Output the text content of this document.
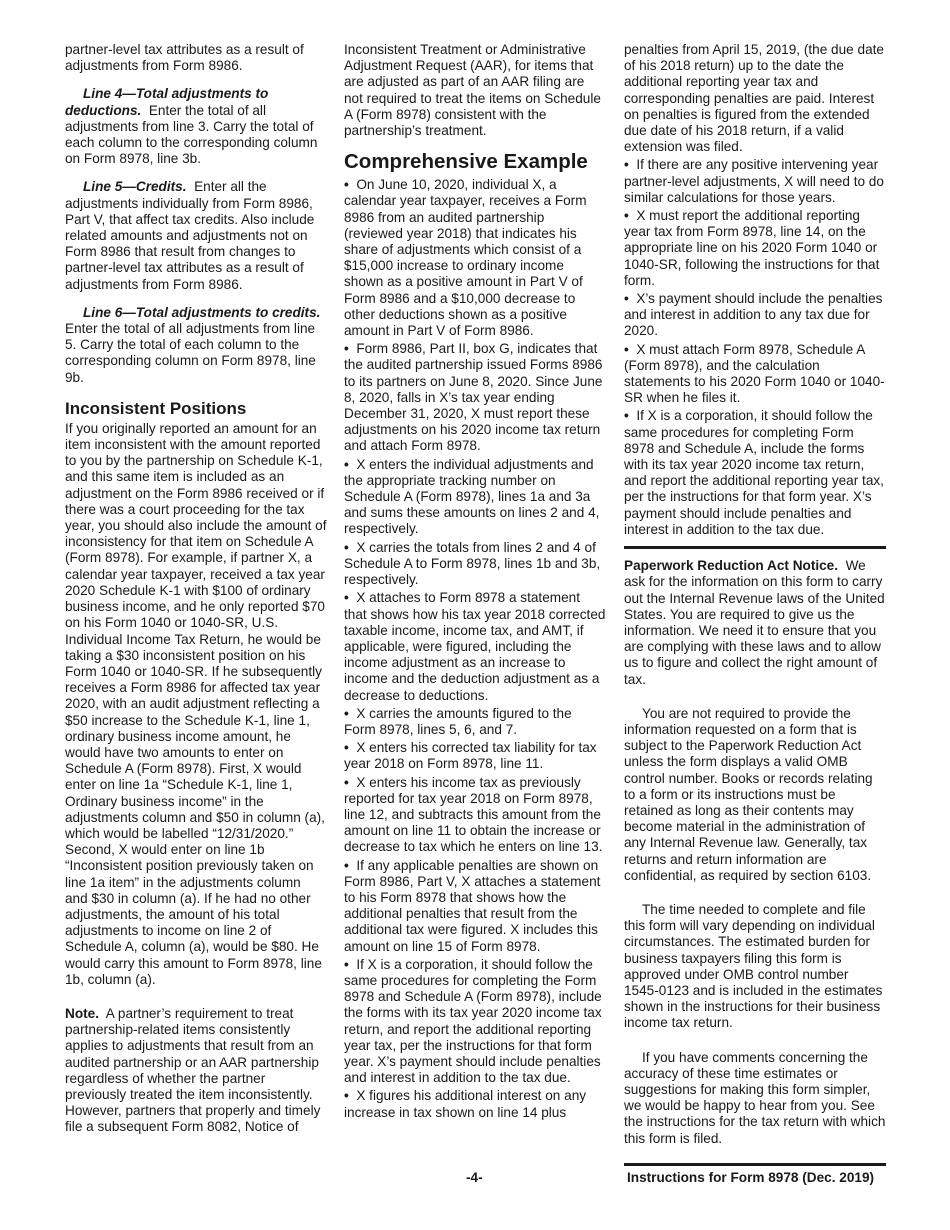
partner-level tax attributes as a result of adjustments from Form 8986.

Line 4—Total adjustments to deductions. Enter the total of all adjustments from line 3. Carry the total of each column to the corresponding column on Form 8978, line 3b.

Line 5—Credits. Enter all the adjustments individually from Form 8986, Part V, that affect tax credits. Also include related amounts and adjustments not on Form 8986 that result from changes to partner-level tax attributes as a result of adjustments from Form 8986.

Line 6—Total adjustments to credits.  Enter the total of all adjustments from line 5. Carry the total of each column to the corresponding column on Form 8978, line 9b.

Inconsistent Positions

If you originally reported an amount for an item inconsistent with the amount reported to you by the partnership on Schedule K-1, and this same item is included as an adjustment on the Form 8986 received or if there was a court proceeding for the tax year, you should also include the amount of inconsistency for that item on Schedule A (Form 8978). For example, if partner X, a calendar year taxpayer, received a tax year 2020 Schedule K-1 with $100 of ordinary business income, and he only reported $70 on his Form 1040 or 1040-SR, U.S. Individual Income Tax Return, he would be taking a $30 inconsistent position on his Form 1040 or 1040-SR. If he subsequently receives a Form 8986 for affected tax year 2020, with an audit adjustment reflecting a $50 increase to the Schedule K-1, line 1, ordinary business income amount, he would have two amounts to enter on Schedule A (Form 8978). First, X would enter on line 1a “Schedule K-1, line 1, Ordinary business income” in the adjustments column and $50 in column (a), which would be labelled “12/31/2020.” Second, X would enter on line 1b “Inconsistent position previously taken on line 1a item” in the adjustments column and $30 in column (a). If he had no other adjustments, the amount of his total adjustments to income on line 2 of Schedule A, column (a), would be $80. He would carry this amount to Form 8978, line 1b, column (a).

Note. A partner’s requirement to treat partnership-related items consistently applies to adjustments that result from an audited partnership or an AAR partnership regardless of whether the partner previously treated the item inconsistently. However, partners that properly and timely file a subsequent Form 8082, Notice of

Inconsistent Treatment or Administrative Adjustment Request (AAR), for items that are adjusted as part of an AAR filing are not required to treat the items on Schedule A (Form 8978) consistent with the partnership’s treatment.

Comprehensive Example

• On June 10, 2020, individual X, a calendar year taxpayer, receives a Form 8986 from an audited partnership (reviewed year 2018) that indicates his share of adjustments which consist of a $15,000 increase to ordinary income shown as a positive amount in Part V of Form 8986 and a $10,000 decrease to other deductions shown as a positive amount in Part V of Form 8986.

• Form 8986, Part II, box G, indicates that the audited partnership issued Forms 8986 to its partners on June 8, 2020. Since June 8, 2020, falls in X’s tax year ending December 31, 2020, X must report these adjustments on his 2020 income tax return and attach Form 8978.

• X enters the individual adjustments and the appropriate tracking number on Schedule A (Form 8978), lines 1a and 3a and sums these amounts on lines 2 and 4, respectively.

• X carries the totals from lines 2 and 4 of Schedule A to Form 8978, lines 1b and 3b, respectively.

• X attaches to Form 8978 a statement that shows how his tax year 2018 corrected taxable income, income tax, and AMT, if applicable, were figured, including the income adjustment as an increase to income and the deduction adjustment as a decrease to deductions.

• X carries the amounts figured to the Form 8978, lines 5, 6, and 7.

• X enters his corrected tax liability for tax year 2018 on Form 8978, line 11.

• X enters his income tax as previously reported for tax year 2018 on Form 8978, line 12, and subtracts this amount from the amount on line 11 to obtain the increase or decrease to tax which he enters on line 13.

• If any applicable penalties are shown on Form 8986, Part V, X attaches a statement to his Form 8978 that shows how the additional penalties that result from the additional tax were figured. X includes this amount on line 15 of Form 8978.

• If X is a corporation, it should follow the same procedures for completing the Form 8978 and Schedule A (Form 8978), include the forms with its tax year 2020 income tax return, and report the additional reporting year tax, per the instructions for that form year. X’s payment should include penalties and interest in addition to the tax due.

• X figures his additional interest on any increase in tax shown on line 14 plus

penalties from April 15, 2019, (the due date of his 2018 return) up to the date the additional reporting year tax and corresponding penalties are paid. Interest on penalties is figured from the extended due date of his 2018 return, if a valid extension was filed.

• If there are any positive intervening year partner-level adjustments, X will need to do similar calculations for those years.

• X must report the additional reporting year tax from Form 8978, line 14, on the appropriate line on his 2020 Form 1040 or 1040-SR, following the instructions for that form.

• X’s payment should include the penalties and interest in addition to any tax due for 2020.

• X must attach Form 8978, Schedule A (Form 8978), and the calculation statements to his 2020 Form 1040 or 1040-SR when he files it.

• If X is a corporation, it should follow the same procedures for completing Form 8978 and Schedule A, include the forms with its tax year 2020 income tax return, and report the additional reporting year tax, per the instructions for that form year. X’s payment should include penalties and interest in addition to the tax due.

Paperwork Reduction Act Notice. We ask for the information on this form to carry out the Internal Revenue laws of the United States. You are required to give us the information. We need it to ensure that you are complying with these laws and to allow us to figure and collect the right amount of tax.

You are not required to provide the information requested on a form that is subject to the Paperwork Reduction Act unless the form displays a valid OMB control number. Books or records relating to a form or its instructions must be retained as long as their contents may become material in the administration of any Internal Revenue law. Generally, tax returns and return information are confidential, as required by section 6103.

The time needed to complete and file this form will vary depending on individual circumstances. The estimated burden for business taxpayers filing this form is approved under OMB control number 1545-0123 and is included in the estimates shown in the instructions for their business income tax return.

If you have comments concerning the accuracy of these time estimates or suggestions for making this form simpler, we would be happy to hear from you. See the instructions for the tax return with which this form is filed.

-4-	Instructions for Form 8978 (Dec. 2019)
